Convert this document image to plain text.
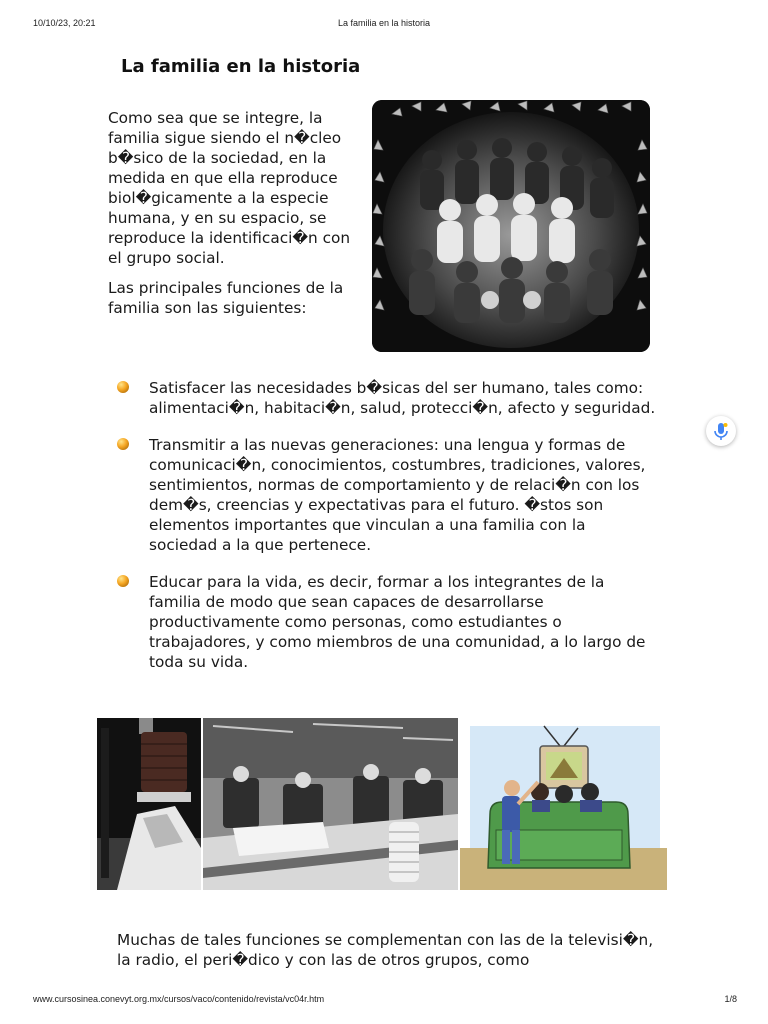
10/10/23, 20:21	La familia en la historia
La familia en la historia

Como sea que se integre, la familia sigue siendo el n�cleo b�sico de la sociedad, en la medida en que ella reproduce biol�gicamente a la especie humana, y en su espacio, se reproduce la identificaci�n con el grupo social.

Las principales funciones de la familia son las siguientes:

Satisfacer las necesidades b�sicas del ser humano, tales como: alimentaci�n, habitaci�n, salud, protecci�n, afecto y seguridad.
Transmitir a las nuevas generaciones: una lengua y formas de comunicaci�n, conocimientos, costumbres, tradiciones, valores, sentimientos, normas de comportamiento y de relaci�n con los dem�s, creencias y expectativas para el futuro. �stos son elementos importantes que vinculan a una familia con la sociedad a la que pertenece.
Educar para la vida, es decir, formar a los integrantes de la familia de modo que sean capaces de desarrollarse productivamente como personas, como estudiantes o trabajadores, y como miembros de una comunidad, a lo largo de toda su vida.

Muchas de tales funciones se complementan con las de la televisi�n, la radio, el peri�dico y con las de otros grupos, como

www.cursosinea.conevyt.org.mx/cursos/vaco/contenido/revista/vc04r.htm	1/8
